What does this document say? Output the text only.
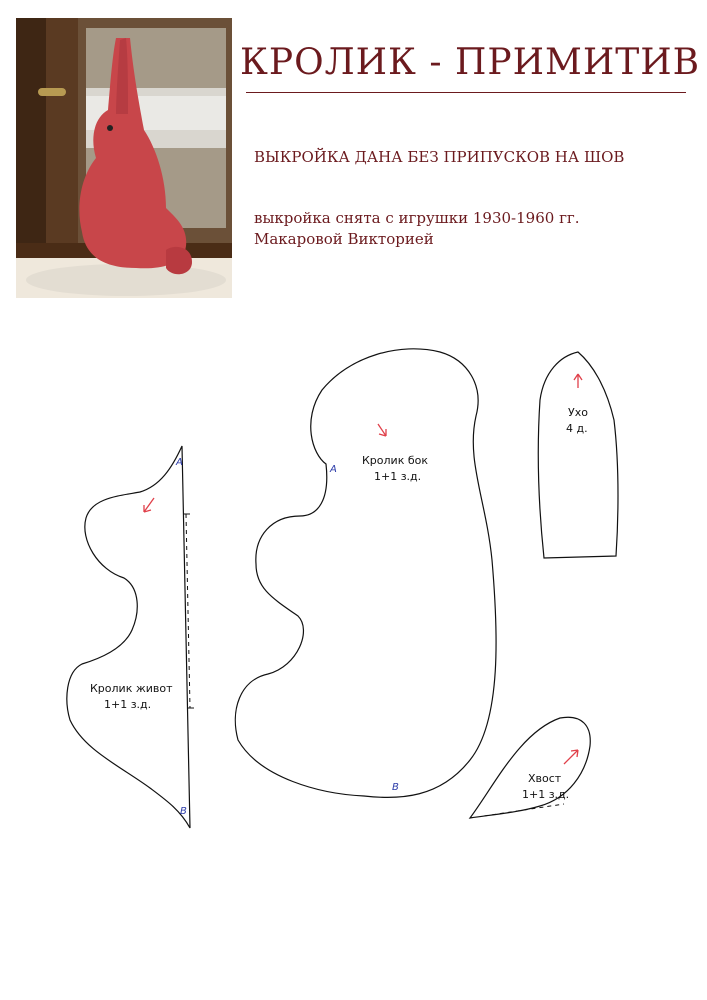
КРОЛИК - ПРИМИТИВ
ВЫКРОЙКА ДАНА БЕЗ ПРИПУСКОВ НА ШОВ
выкройка снята с игрушки 1930-1960 гг.
Макаровой Викторией
A
B
Кролик живот
1+1 з.д.
A
B
Кролик бок
1+1 з.д.
Ухо
4 д.
Хвост
1+1 з.д.
